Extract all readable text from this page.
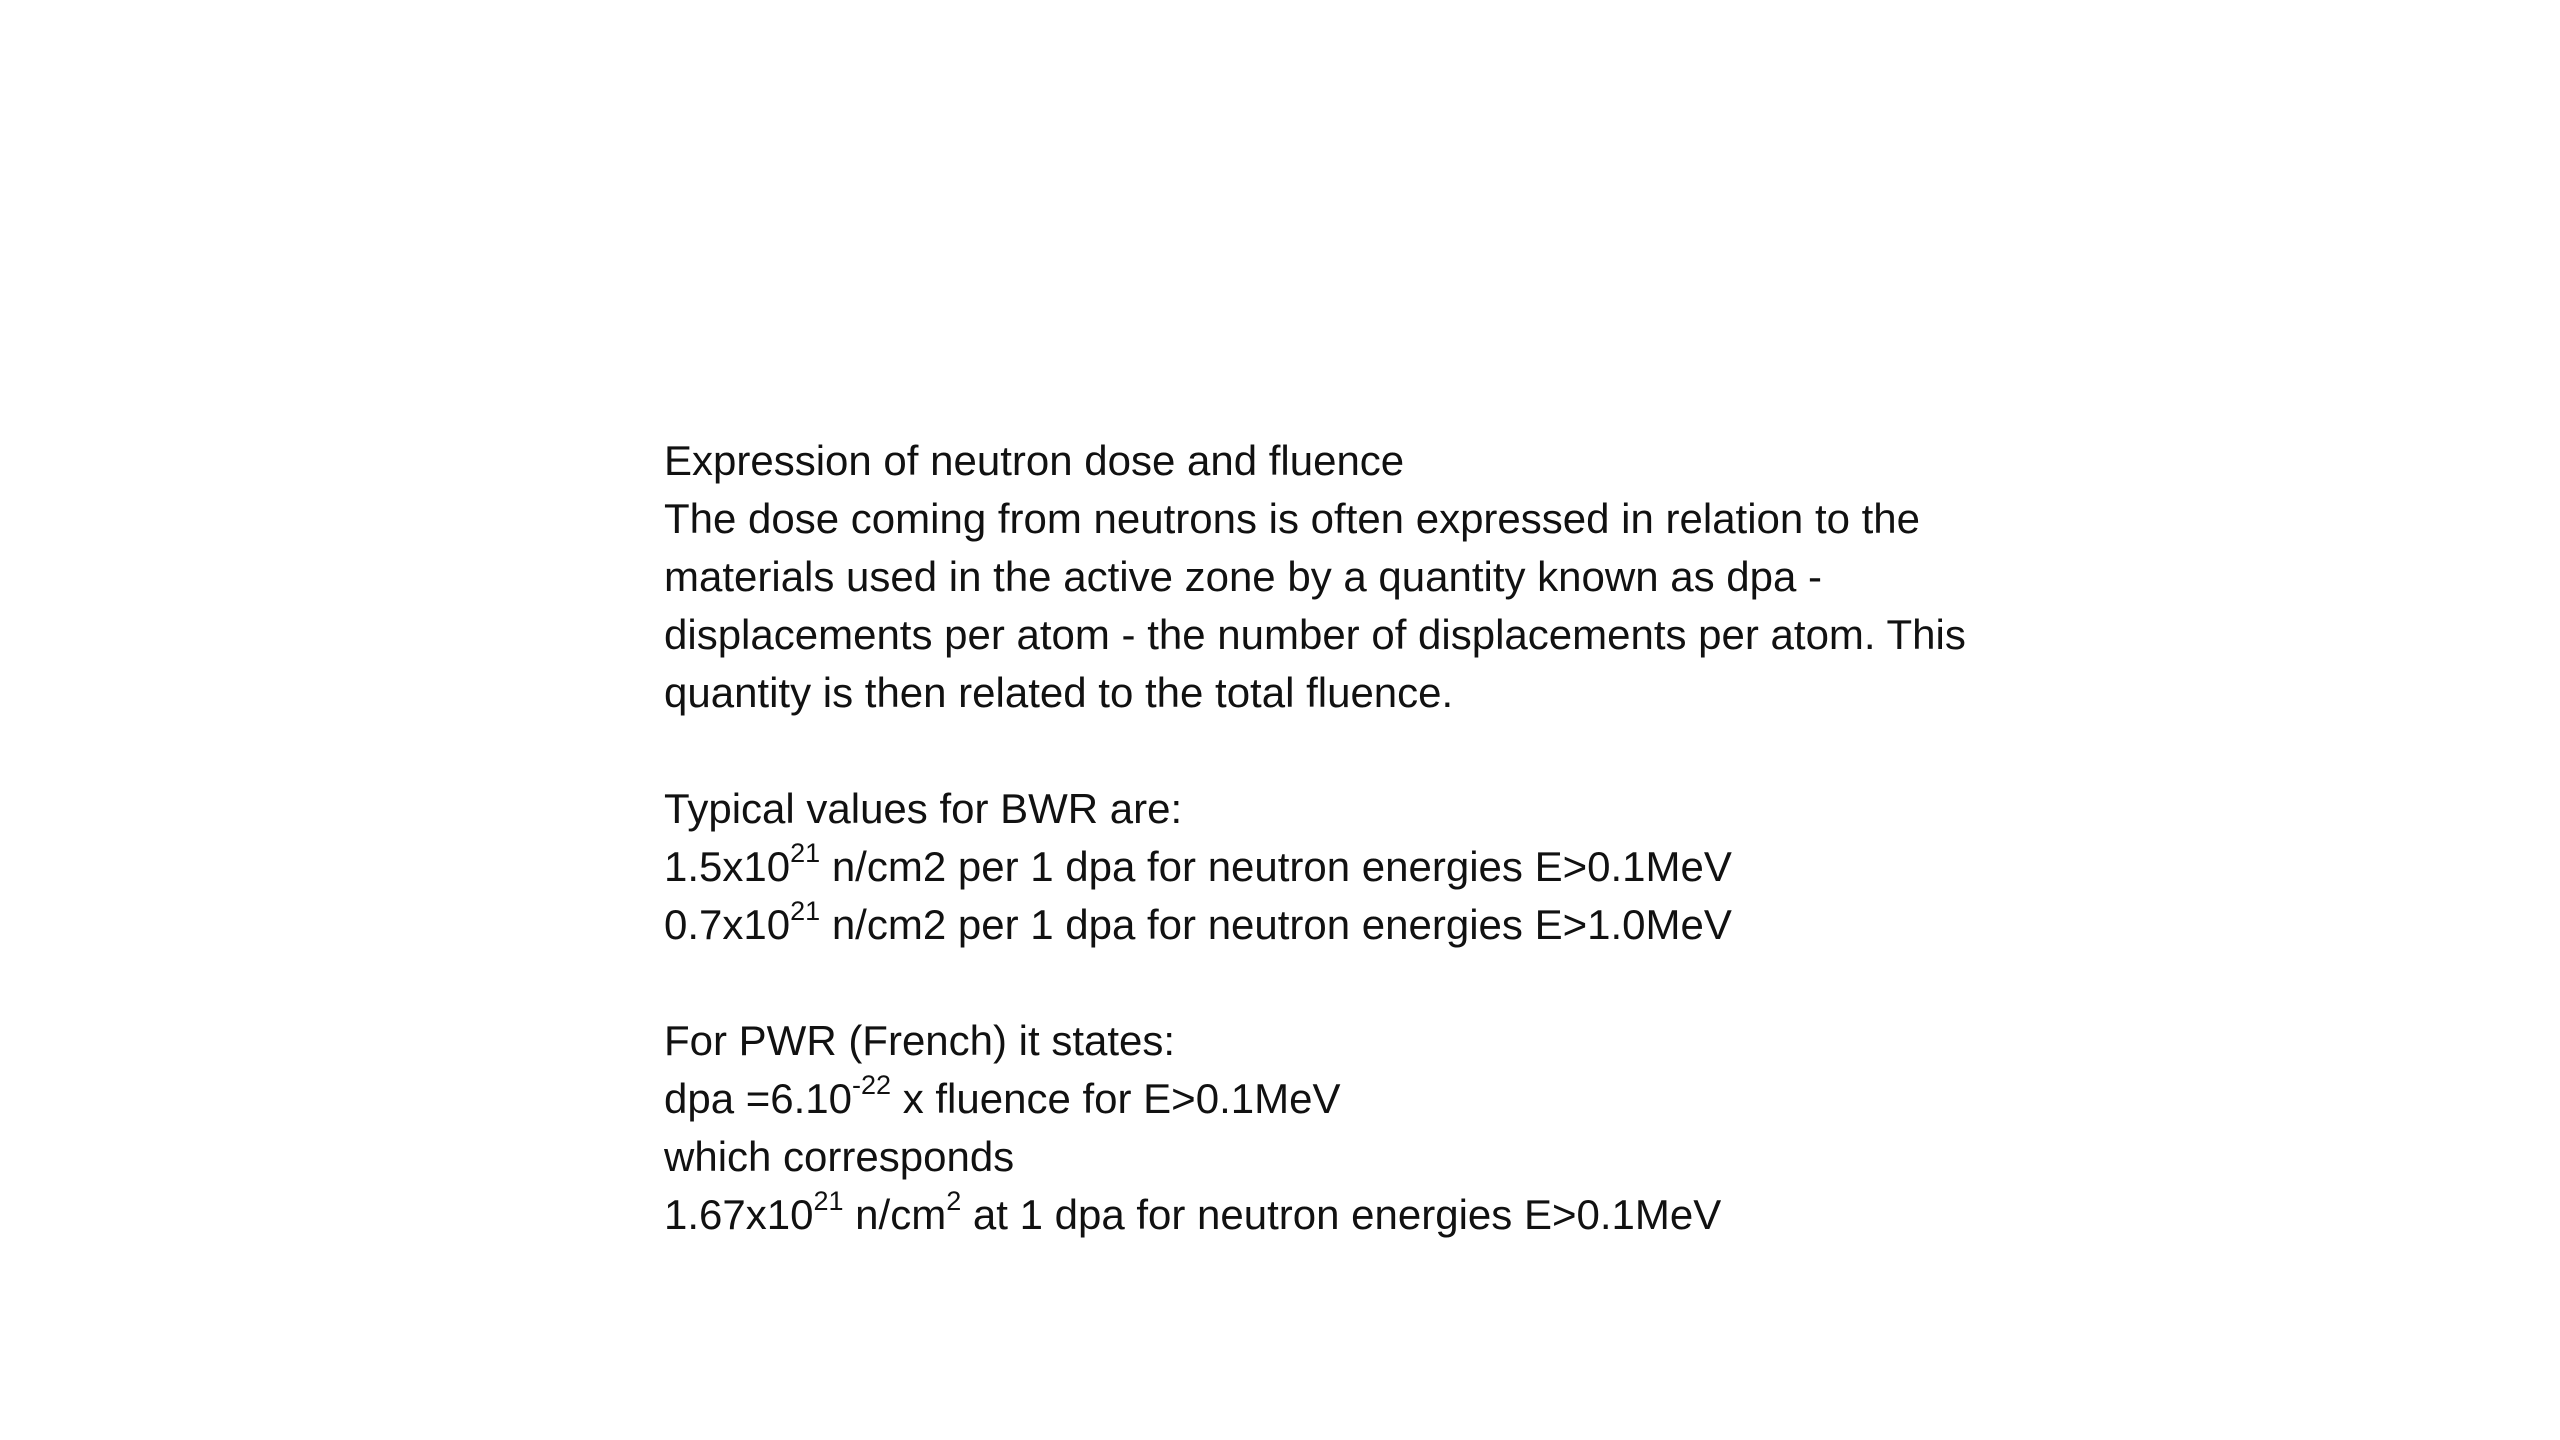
Expression of neutron dose and fluence
The dose coming from neutrons is often expressed in relation to the
materials used in the active zone by a quantity known as dpa -
displacements per atom - the number of displacements per atom. This
quantity is then related to the total fluence.
Typical values for BWR are:
$1.5x10^{21}$ n/cm2 per 1 dpa for neutron energies E>0.1MeV
$0.7x10^{21}$ n/cm2 per 1 dpa for neutron energies E>1.0MeV
For PWR (French) it states:
dpa $=6.10^{-22}$ x fluence for E>0.1MeV
which corresponds
$1.67x10^{21}$ $n/cm^2$ at 1 dpa for neutron energies E>0.1MeV
